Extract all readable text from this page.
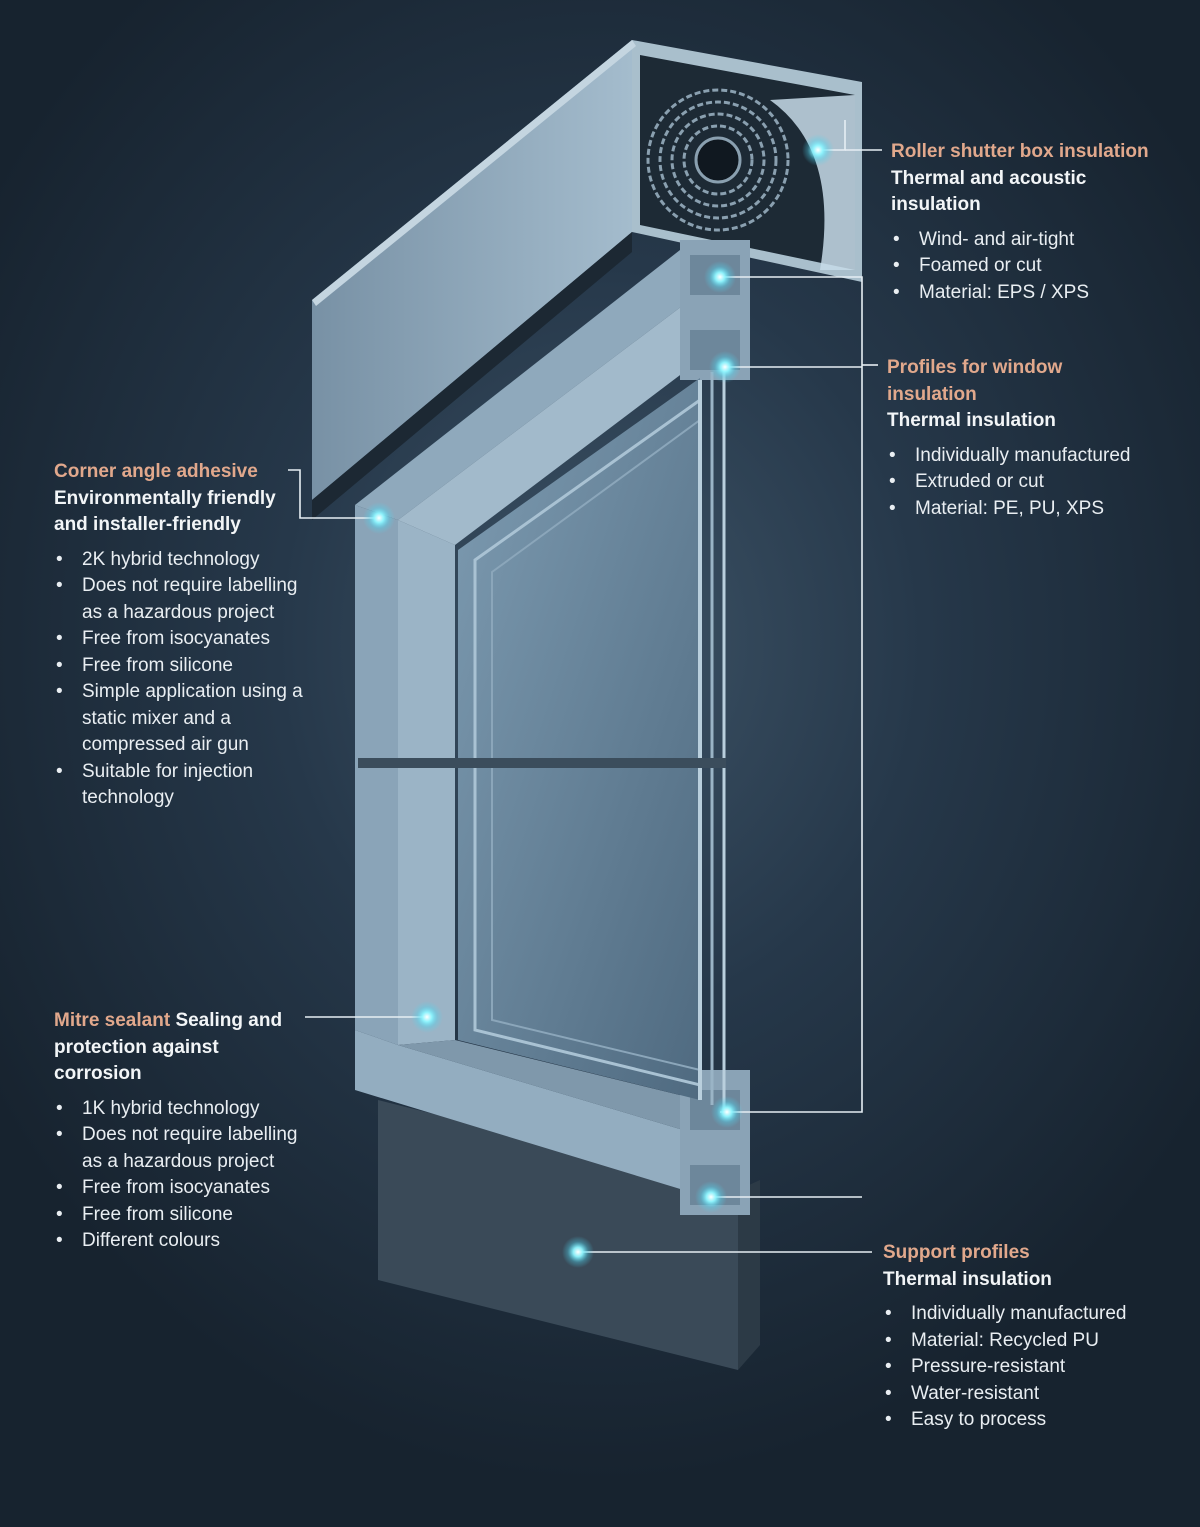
Roller shutter box insulation
Thermal and acoustic insulation
• Wind- and air-tight
• Foamed or cut
• Material: EPS / XPS
Profiles for window insulation
Thermal insulation
• Individually manufactured
• Extruded or cut
• Material: PE, PU, XPS
Corner angle adhesive
Environmentally friendly and installer-friendly
• 2K hybrid technology
• Does not require labelling as a hazardous project
• Free from isocyanates
• Free from silicone
• Simple application using a static mixer and a compressed air gun
• Suitable for injection technology
Mitre sealant Sealing and protection against corrosion
• 1K hybrid technology
• Does not require labelling as a hazardous project
• Free from isocyanates
• Free from silicone
• Different colours
Support profiles
Thermal insulation
• Individually manufactured
• Material: Recycled PU
• Pressure-resistant
• Water-resistant
• Easy to process
